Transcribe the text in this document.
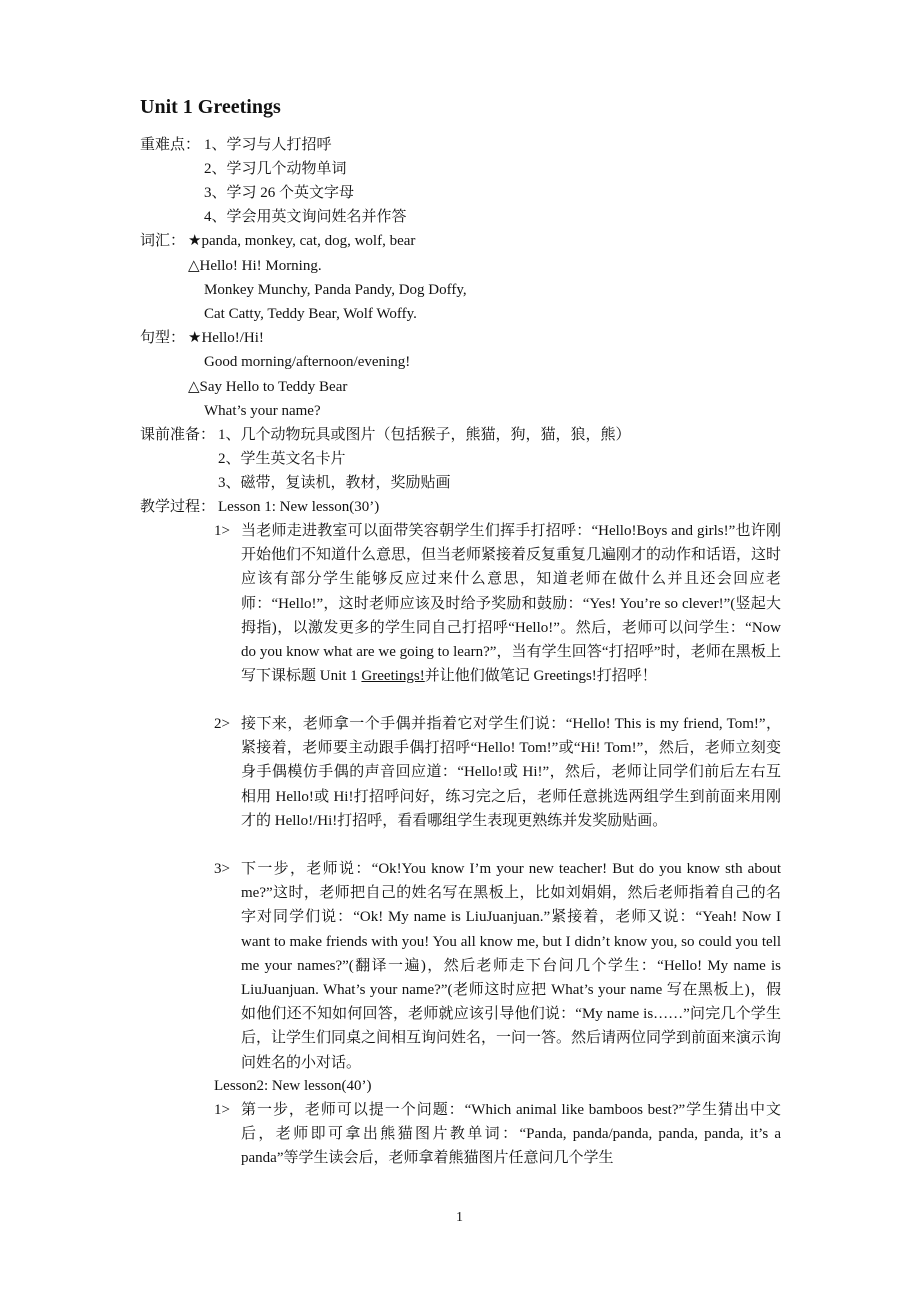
Unit 1 Greetings
重难点： 1、学习与人打招呼
2、学习几个动物单词
3、学习 26 个英文字母
4、学会用英文询问姓名并作答
词汇： ★panda, monkey, cat, dog, wolf, bear
△Hello! Hi! Morning.
Monkey Munchy, Panda Pandy, Dog Doffy,
Cat Catty, Teddy Bear, Wolf Woffy.
句型： ★Hello!/Hi!
Good morning/afternoon/evening!
△Say Hello to Teddy Bear
What’s your name?
课前准备： 1、几个动物玩具或图片（包括猴子，熊猫，狗，猫，狼，熊）
2、学生英文名卡片
3、磁带，复读机，教材，奖励贴画
教学过程： Lesson 1: New lesson(30’)
1> 当老师走进教室可以面带笑容朝学生们挥手打招呼：“Hello!Boys and girls!”也许刚开始他们不知道什么意思，但当老师紧接着反复重复几遍刚才的动作和话语，这时应该有部分学生能够反应过来什么意思，知道老师在做什么并且还会回应老师：“Hello!”，这时老师应该及时给予奖励和鼓励：“Yes! You’re so clever!”(竖起大拇指)，以激发更多的学生同自己打招呼“Hello!”。然后，老师可以问学生：“Now do you know what are we going to learn?”，当有学生回答“打招呼”时，老师在黑板上写下课标题 Unit 1 Greetings!并让他们做笔记 Greetings!打招呼！
2> 接下来，老师拿一个手偶并指着它对学生们说：“Hello! This is my friend, Tom!”，紧接着，老师要主动跟手偶打招呼“Hello! Tom!”或“Hi! Tom!”，然后，老师立刻变身手偶模仿手偶的声音回应道：“Hello!或 Hi!”，然后，老师让同学们前后左右互相用 Hello!或 Hi!打招呼问好，练习完之后，老师任意挑选两组学生到前面来用刚才的 Hello!/Hi!打招呼，看看哪组学生表现更熟练并发奖励贴画。
3> 下一步，老师说：“Ok!You know I’m your new teacher! But do you know sth about me?”这时，老师把自己的姓名写在黑板上，比如刘娟娟，然后老师指着自己的名字对同学们说：“Ok! My name is LiuJuanjuan.”紧接着，老师又说：“Yeah! Now I want to make friends with you! You all know me, but I didn’t know you, so could you tell me your names?”(翻译一遍)，然后老师走下台问几个学生：“Hello! My name is LiuJuanjuan. What’s your name?”(老师这时应把 What’s your name 写在黑板上)，假如他们还不知如何回答，老师就应该引导他们说：“My name is……”问完几个学生后，让学生们同桌之间相互询问姓名，一问一答。然后请两位同学到前面来演示询问姓名的小对话。
Lesson2: New lesson(40’)
1> 第一步，老师可以提一个问题：“Which animal like bamboos best?”学生猜出中文后，老师即可拿出熊猫图片教单词：“Panda, panda/panda, panda, panda, it’s a panda”等学生读会后，老师拿着熊猫图片任意问几个学生
1
